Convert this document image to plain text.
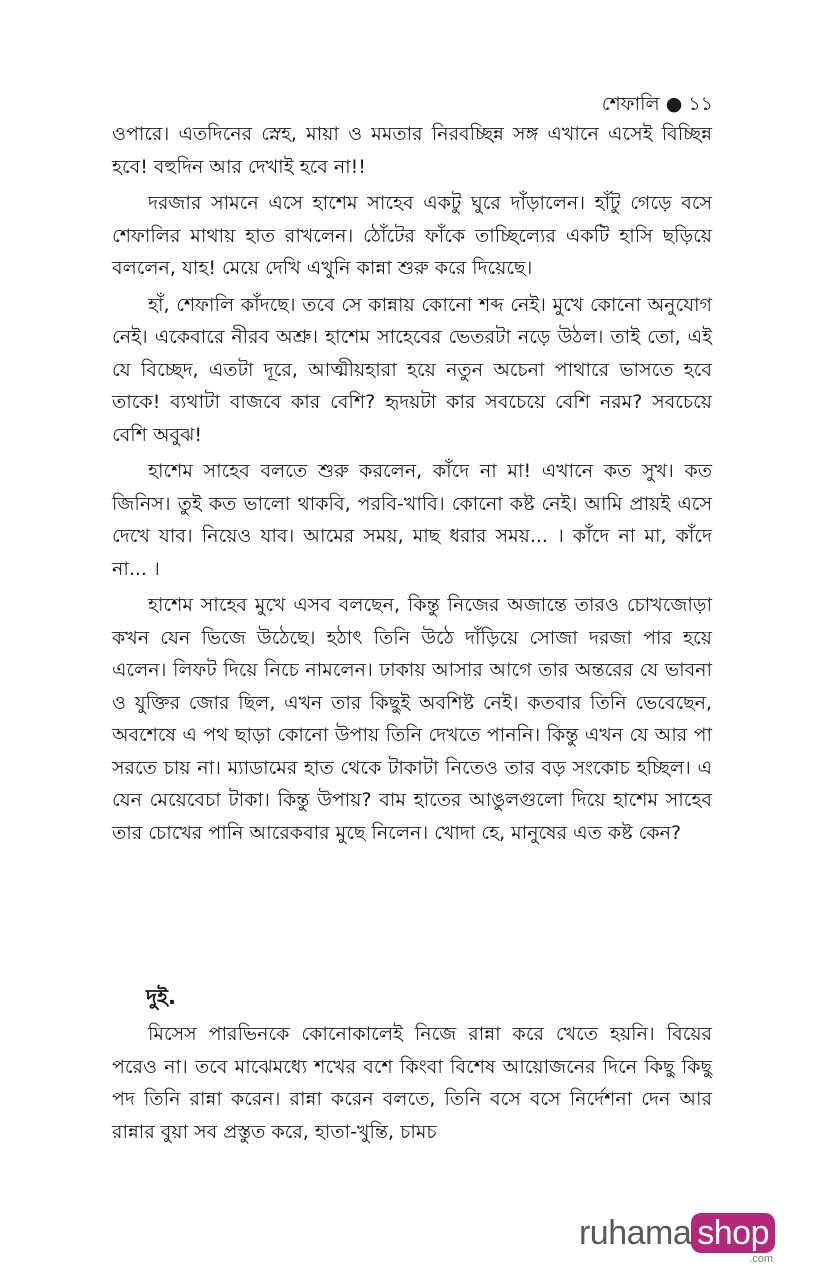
শেফালি ● ১১

ওপারে। এতদিনের স্নেহ, মায়া ও মমতার নিরবচ্ছিন্ন সঙ্গ এখানে এসেই বিচ্ছিন্ন হবে! বহুদিন আর দেখাই হবে না!!

দরজার সামনে এসে হাশেম সাহেব একটু ঘুরে দাঁড়ালেন। হাঁটু গেড়ে বসে শেফালির মাথায় হাত রাখলেন। ঠোঁটের ফাঁকে তাচ্ছিল্যের একটি হাসি ছড়িয়ে বললেন, যাহ! মেয়ে দেখি এখুনি কান্না শুরু করে দিয়েছে।

হাঁ, শেফালি কাঁদছে। তবে সে কান্নায় কোনো শব্দ নেই। মুখে কোনো অনুযোগ নেই। একেবারে নীরব অশ্রু। হাশেম সাহেবের ভেতরটা নড়ে উঠল। তাই তো, এই যে বিচ্ছেদ, এতটা দূরে, আত্মীয়হারা হয়ে নতুন অচেনা পাথারে ভাসতে হবে তাকে! ব্যথাটা বাজবে কার বেশি? হৃদয়টা কার সবচেয়ে বেশি নরম? সবচেয়ে বেশি অবুঝ!

হাশেম সাহেব বলতে শুরু করলেন, কাঁদে না মা! এখানে কত সুখ। কত জিনিস। তুই কত ভালো থাকবি, পরবি-খাবি। কোনো কষ্ট নেই। আমি প্রায়ই এসে দেখে যাব। নিয়েও যাব। আমের সময়, মাছ ধরার সময়... । কাঁদে না মা, কাঁদে না... ।

হাশেম সাহেব মুখে এসব বলছেন, কিন্তু নিজের অজান্তে তারও চোখজোড়া কখন যেন ভিজে উঠেছে। হঠাৎ তিনি উঠে দাঁড়িয়ে সোজা দরজা পার হয়ে এলেন। লিফট দিয়ে নিচে নামলেন। ঢাকায় আসার আগে তার অন্তরের যে ভাবনা ও যুক্তির জোর ছিল, এখন তার কিছুই অবশিষ্ট নেই। কতবার তিনি ভেবেছেন, অবশেষে এ পথ ছাড়া কোনো উপায় তিনি দেখতে পাননি। কিন্তু এখন যে আর পা সরতে চায় না। ম্যাডামের হাত থেকে টাকাটা নিতেও তার বড় সংকোচ হচ্ছিল। এ যেন মেয়েবেচা টাকা। কিন্তু উপায়? বাম হাতের আঙুলগুলো দিয়ে হাশেম সাহেব তার চোখের পানি আরেকবার মুছে নিলেন। খোদা হে, মানুষের এত কষ্ট কেন?

দুই.

মিসেস পারভিনকে কোনোকালেই নিজে রান্না করে খেতে হয়নি। বিয়ের পরেও না। তবে মাঝেমধ্যে শখের বশে কিংবা বিশেষ আয়োজনের দিনে কিছু কিছু পদ তিনি রান্না করেন। রান্না করেন বলতে, তিনি বসে বসে নির্দেশনা দেন আর রান্নার বুয়া সব প্রস্তুত করে, হাতা-খুন্তি, চামচ

ruhama shop
.com
